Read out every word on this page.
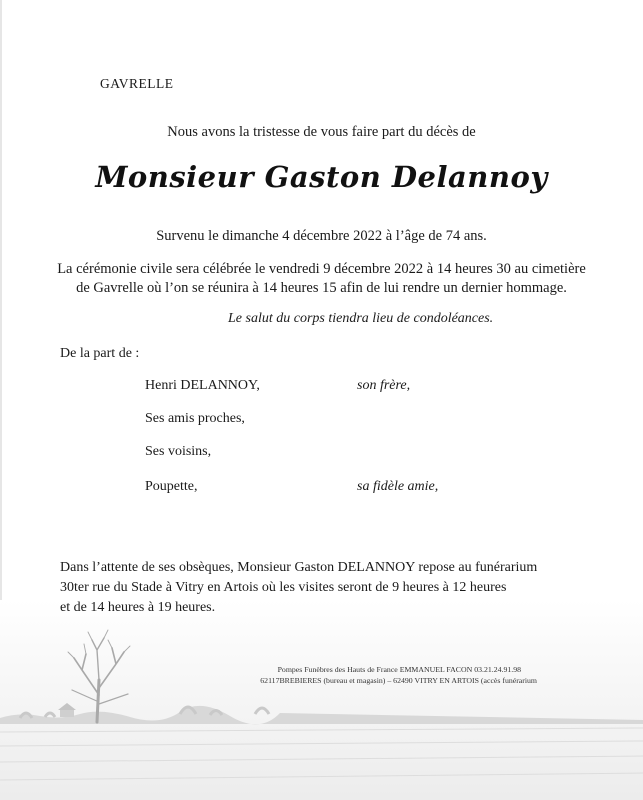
GAVRELLE
Nous avons la tristesse de vous faire part du décès de
Monsieur Gaston Delannoy
Survenu le dimanche 4 décembre 2022 à l’âge de 74 ans.
La cérémonie civile sera célébrée le vendredi 9 décembre 2022 à 14 heures 30 au cimetière
de Gavrelle où l’on se réunira à 14 heures 15 afin de lui rendre un dernier hommage.
Le salut du corps tiendra lieu de condoléances.
De la part de :
Henri DELANNOY,	son frère,
Ses amis proches,
Ses voisins,
Poupette,	sa fidèle amie,
Dans l’attente de ses obsèques, Monsieur Gaston DELANNOY repose au funérarium
30ter rue du Stade à Vitry en Artois où les visites seront de 9 heures à 12 heures
et de 14 heures à 19 heures.
Pompes Funèbres des Hauts de France EMMANUEL FACON 03.21.24.91.98
62117BREBIERES (bureau et magasin) – 62490 VITRY EN ARTOIS (accès funérarium
